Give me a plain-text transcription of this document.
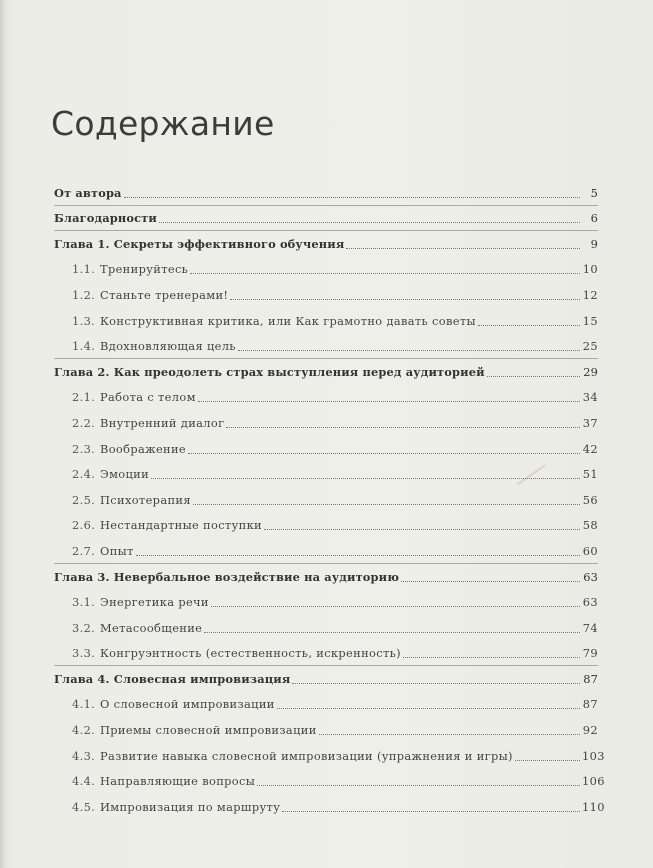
Содержание
От автора	5
Благодарности	6
Глава 1. Секреты эффективного обучения	9
1.1. Тренируйтесь	10
1.2. Станьте тренерами!	12
1.3. Конструктивная критика, или Как грамотно давать советы	15
1.4. Вдохновляющая цель	25
Глава 2. Как преодолеть страх выступления перед аудиторией	29
2.1. Работа с телом	34
2.2. Внутренний диалог	37
2.3. Воображение	42
2.4. Эмоции	51
2.5. Психотерапия	56
2.6. Нестандартные поступки	58
2.7. Опыт	60
Глава 3. Невербальное воздействие на аудиторию	63
3.1. Энергетика речи	63
3.2. Метасообщение	74
3.3. Конгруэнтность (естественность, искренность)	79
Глава 4. Словесная импровизация	87
4.1. О словесной импровизации	87
4.2. Приемы словесной импровизации	92
4.3. Развитие навыка словесной импровизации (упражнения и игры)	103
4.4. Направляющие вопросы	106
4.5. Импровизация по маршруту	110
